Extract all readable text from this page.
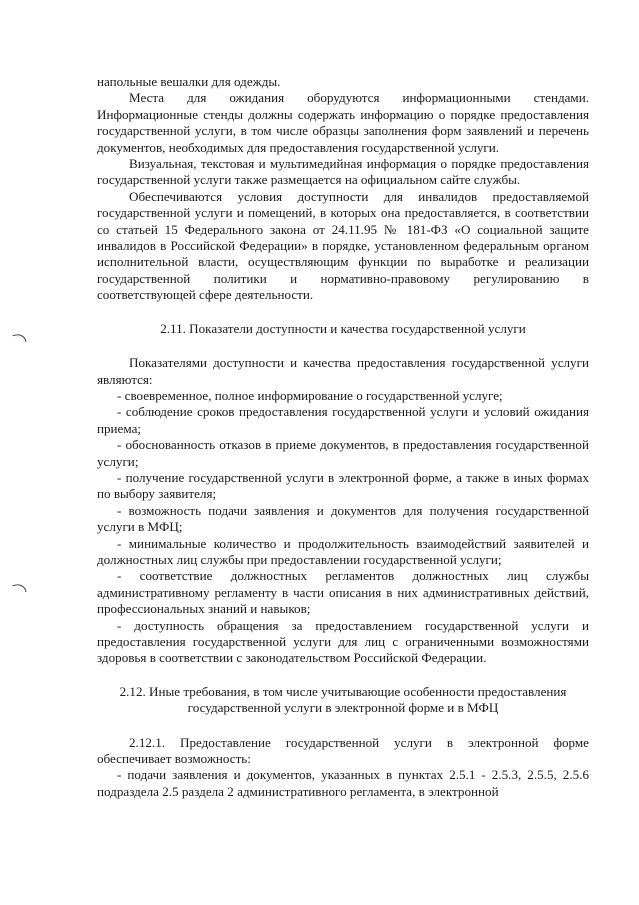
напольные вешалки для одежды.

Места для ожидания оборудуются информационными стендами. Информационные стенды должны содержать информацию о порядке предоставления государственной услуги, в том числе образцы заполнения форм заявлений и перечень документов, необходимых для предоставления государственной услуги.

Визуальная, текстовая и мультимедийная информация о порядке предоставления государственной услуги также размещается на официальном сайте службы.

Обеспечиваются условия доступности для инвалидов предоставляемой государственной услуги и помещений, в которых она предоставляется, в соответствии со статьей 15 Федерального закона от 24.11.95 № 181-ФЗ «О социальной защите инвалидов в Российской Федерации» в порядке, установленном федеральным органом исполнительной власти, осуществляющим функции по выработке и реализации государственной политики и нормативно-правовому регулированию в соответствующей сфере деятельности.

2.11. Показатели доступности и качества государственной услуги

Показателями доступности и качества предоставления государственной услуги являются:

- своевременное, полное информирование о государственной услуге;

- соблюдение сроков предоставления государственной услуги и условий ожидания приема;

- обоснованность отказов в приеме документов, в предоставления государственной услуги;

- получение государственной услуги в электронной форме, а также в иных формах по выбору заявителя;

- возможность подачи заявления и документов для получения государственной услуги в МФЦ;

- минимальные количество и продолжительность взаимодействий заявителей и должностных лиц службы при предоставлении государственной услуги;

- соответствие должностных регламентов должностных лиц службы административному регламенту в части описания в них административных действий, профессиональных знаний и навыков;

- доступность обращения за предоставлением государственной услуги и предоставления государственной услуги для лиц с ограниченными возможностями здоровья в соответствии с законодательством Российской Федерации.

2.12. Иные требования, в том числе учитывающие особенности предоставления государственной услуги в электронной форме и в МФЦ

2.12.1. Предоставление государственной услуги в электронной форме обеспечивает возможность:

- подачи заявления и документов, указанных в пунктах 2.5.1 - 2.5.3, 2.5.5, 2.5.6 подраздела 2.5 раздела 2 административного регламента, в электронной
